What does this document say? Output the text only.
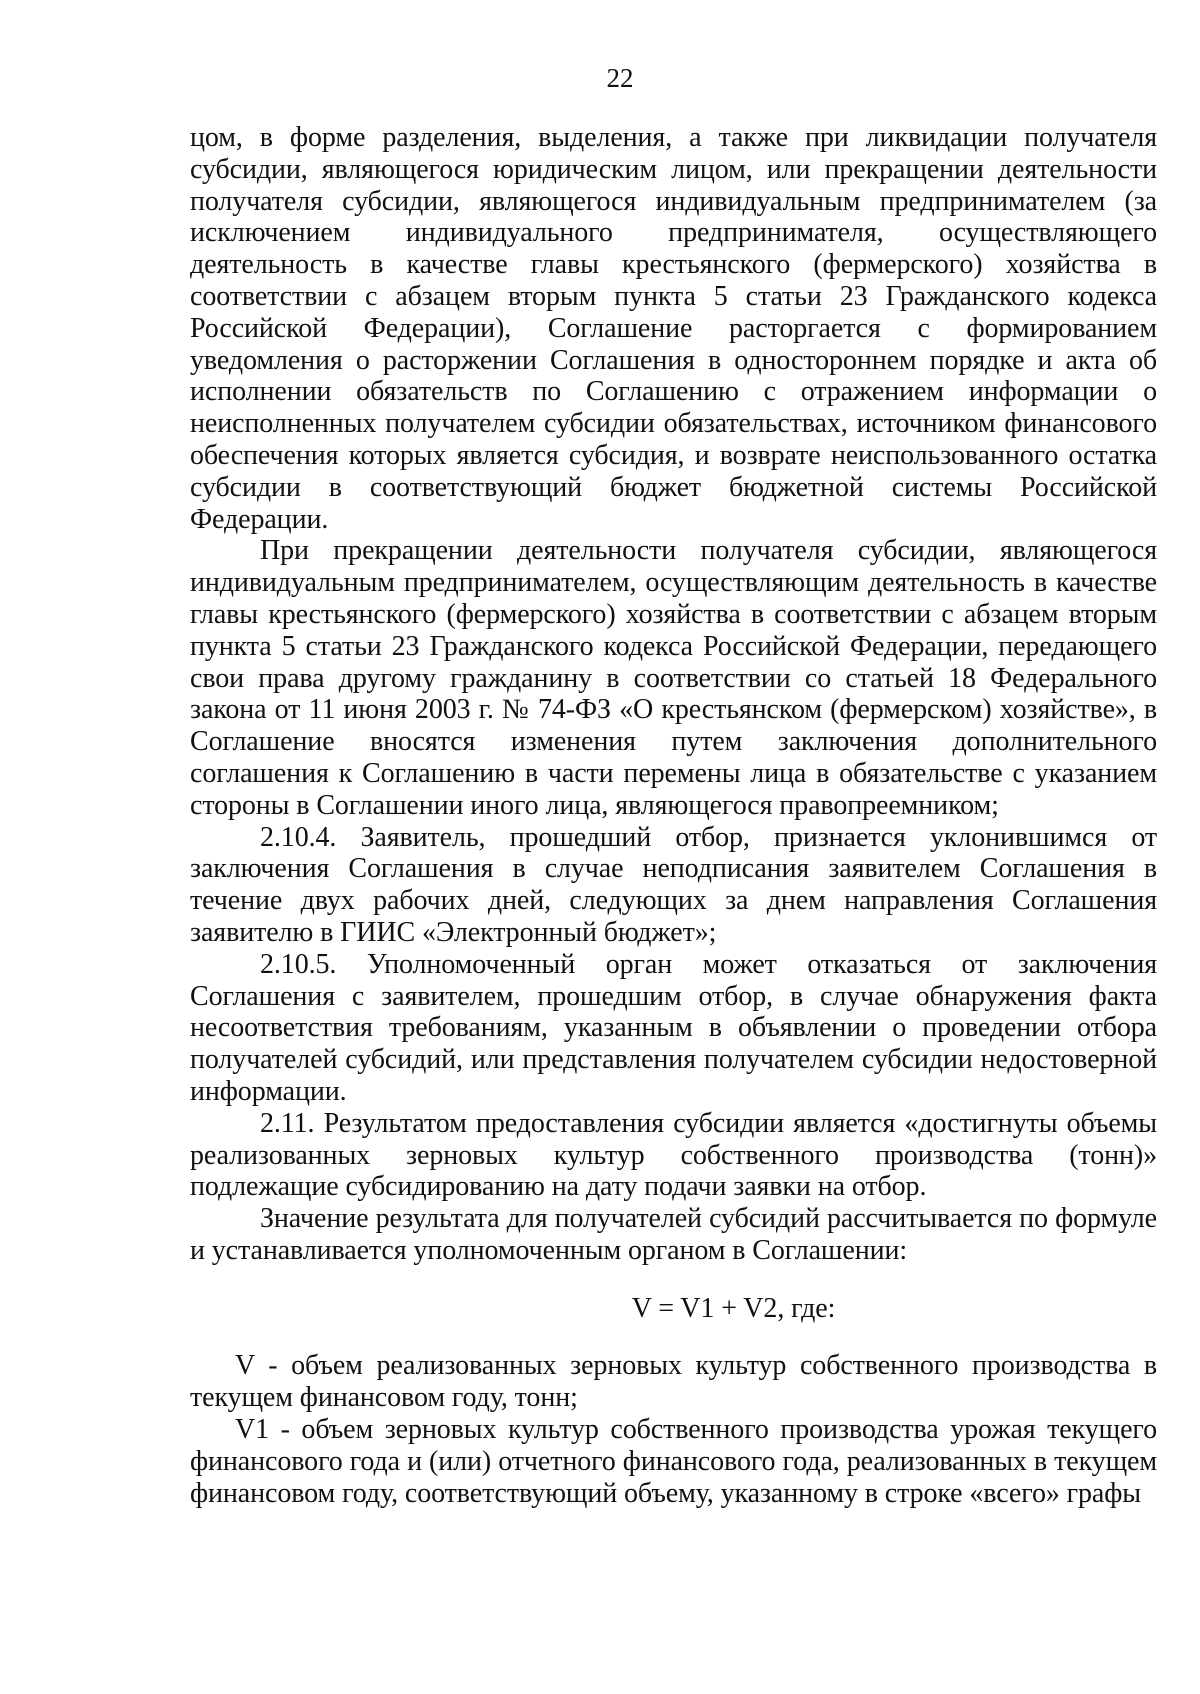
22

цом, в форме разделения, выделения, а также при ликвидации получателя субсидии, являющегося юридическим лицом, или прекращении деятельности получателя субсидии, являющегося индивидуальным предпринимателем (за исключением индивидуального предпринимателя, осуществляющего деятельность в качестве главы крестьянского (фермерского) хозяйства в соответствии с абзацем вторым пункта 5 статьи 23 Гражданского кодекса Российской Федерации), Соглашение расторгается с формированием уведомления о расторжении Соглашения в одностороннем порядке и акта об исполнении обязательств по Соглашению с отражением информации о неисполненных получателем субсидии обязательствах, источником финансового обеспечения которых является субсидия, и возврате неиспользованного остатка субсидии в соответствующий бюджет бюджетной системы Российской Федерации.

При прекращении деятельности получателя субсидии, являющегося индивидуальным предпринимателем, осуществляющим деятельность в качестве главы крестьянского (фермерского) хозяйства в соответствии с абзацем вторым пункта 5 статьи 23 Гражданского кодекса Российской Федерации, передающего свои права другому гражданину в соответствии со статьей 18 Федерального закона от 11 июня 2003 г. № 74-ФЗ «О крестьянском (фермерском) хозяйстве», в Соглашение вносятся изменения путем заключения дополнительного соглашения к Соглашению в части перемены лица в обязательстве с указанием стороны в Соглашении иного лица, являющегося правопреемником;

2.10.4. Заявитель, прошедший отбор, признается уклонившимся от заключения Соглашения в случае неподписания заявителем Соглашения в течение двух рабочих дней, следующих за днем направления Соглашения заявителю в ГИИС «Электронный бюджет»;

2.10.5. Уполномоченный орган может отказаться от заключения Соглашения с заявителем, прошедшим отбор, в случае обнаружения факта несоответствия требованиям, указанным в объявлении о проведении отбора получателей субсидий, или представления получателем субсидии недостоверной информации.

2.11. Результатом предоставления субсидии является «достигнуты объемы реализованных зерновых культур собственного производства (тонн)» подлежащие субсидированию на дату подачи заявки на отбор.

Значение результата для получателей субсидий рассчитывается по формуле и устанавливается уполномоченным органом в Соглашении:

V = V1 + V2, где:

V - объем реализованных зерновых культур собственного производства в текущем финансовом году, тонн;

V1 - объем зерновых культур собственного производства урожая текущего финансового года и (или) отчетного финансового года, реализованных в текущем финансовом году, соответствующий объему, указанному в строке «всего» графы
